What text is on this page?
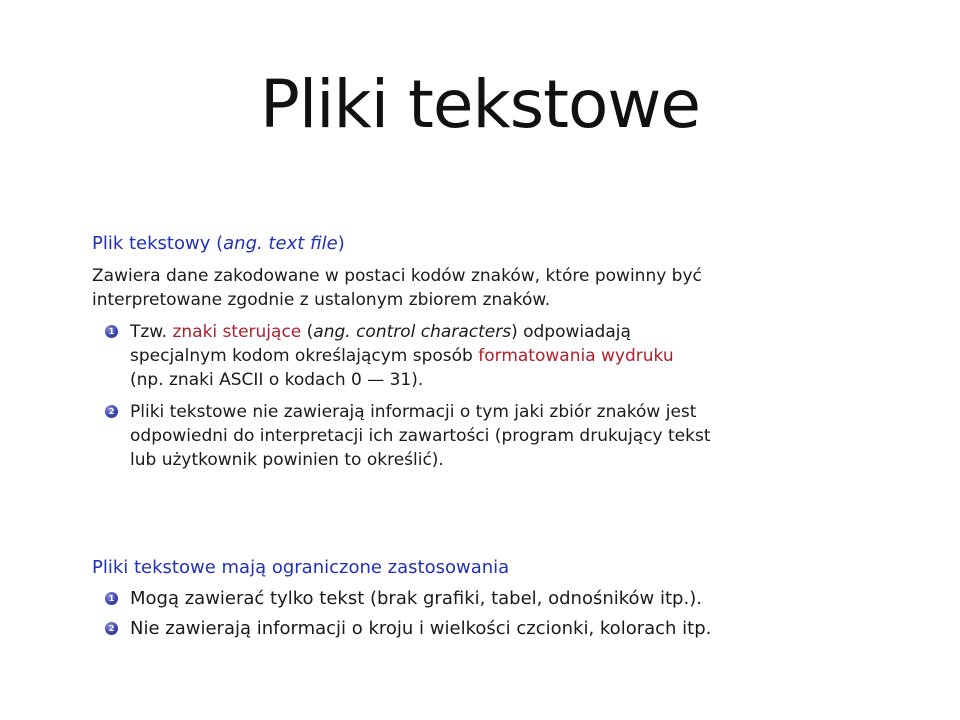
Pliki tekstowe
Plik tekstowy (ang. text file)

Zawiera dane zakodowane w postaci kodów znaków, które powinny być interpretowane zgodnie z ustalonym zbiorem znaków.

1 Tzw. znaki sterujące (ang. control characters) odpowiadają specjalnym kodom określającym sposób formatowania wydruku (np. znaki ASCII o kodach 0 — 31).
2 Pliki tekstowe nie zawierają informacji o tym jaki zbiór znaków jest odpowiedni do interpretacji ich zawartości (program drukujący tekst lub użytkownik powinien to określić).
Pliki tekstowe mają ograniczone zastosowania
1 Mogą zawierać tylko tekst (brak grafiki, tabel, odnośników itp.).
2 Nie zawierają informacji o kroju i wielkości czcionki, kolorach itp.
